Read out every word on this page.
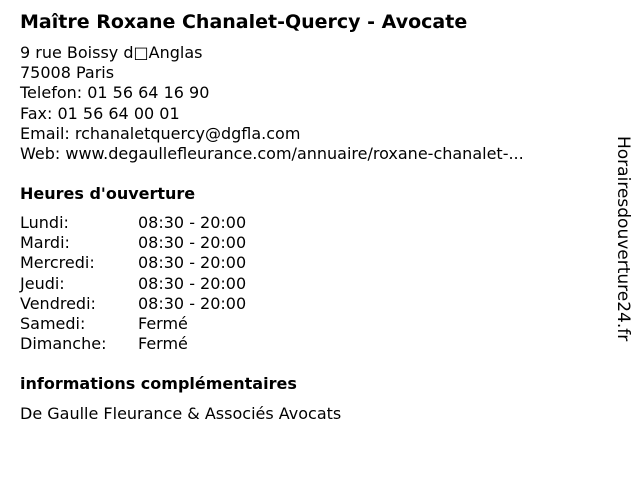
Maître Roxane Chanalet-Quercy - Avocate
9 rue Boissy d□Anglas
75008 Paris
Telefon: 01 56 64 16 90
Fax: 01 56 64 00 01
Email: rchanaletquercy@dgfla.com
Web: www.degaullefleurance.com/annuaire/roxane-chanalet-...
Heures d'ouverture
Lundi:	08:30 - 20:00
Mardi:	08:30 - 20:00
Mercredi:	08:30 - 20:00
Jeudi:	08:30 - 20:00
Vendredi:	08:30 - 20:00
Samedi:	Fermé
Dimanche: Fermé
informations complémentaires
De Gaulle Fleurance & Associés Avocats
Horairesdouverture24.fr
